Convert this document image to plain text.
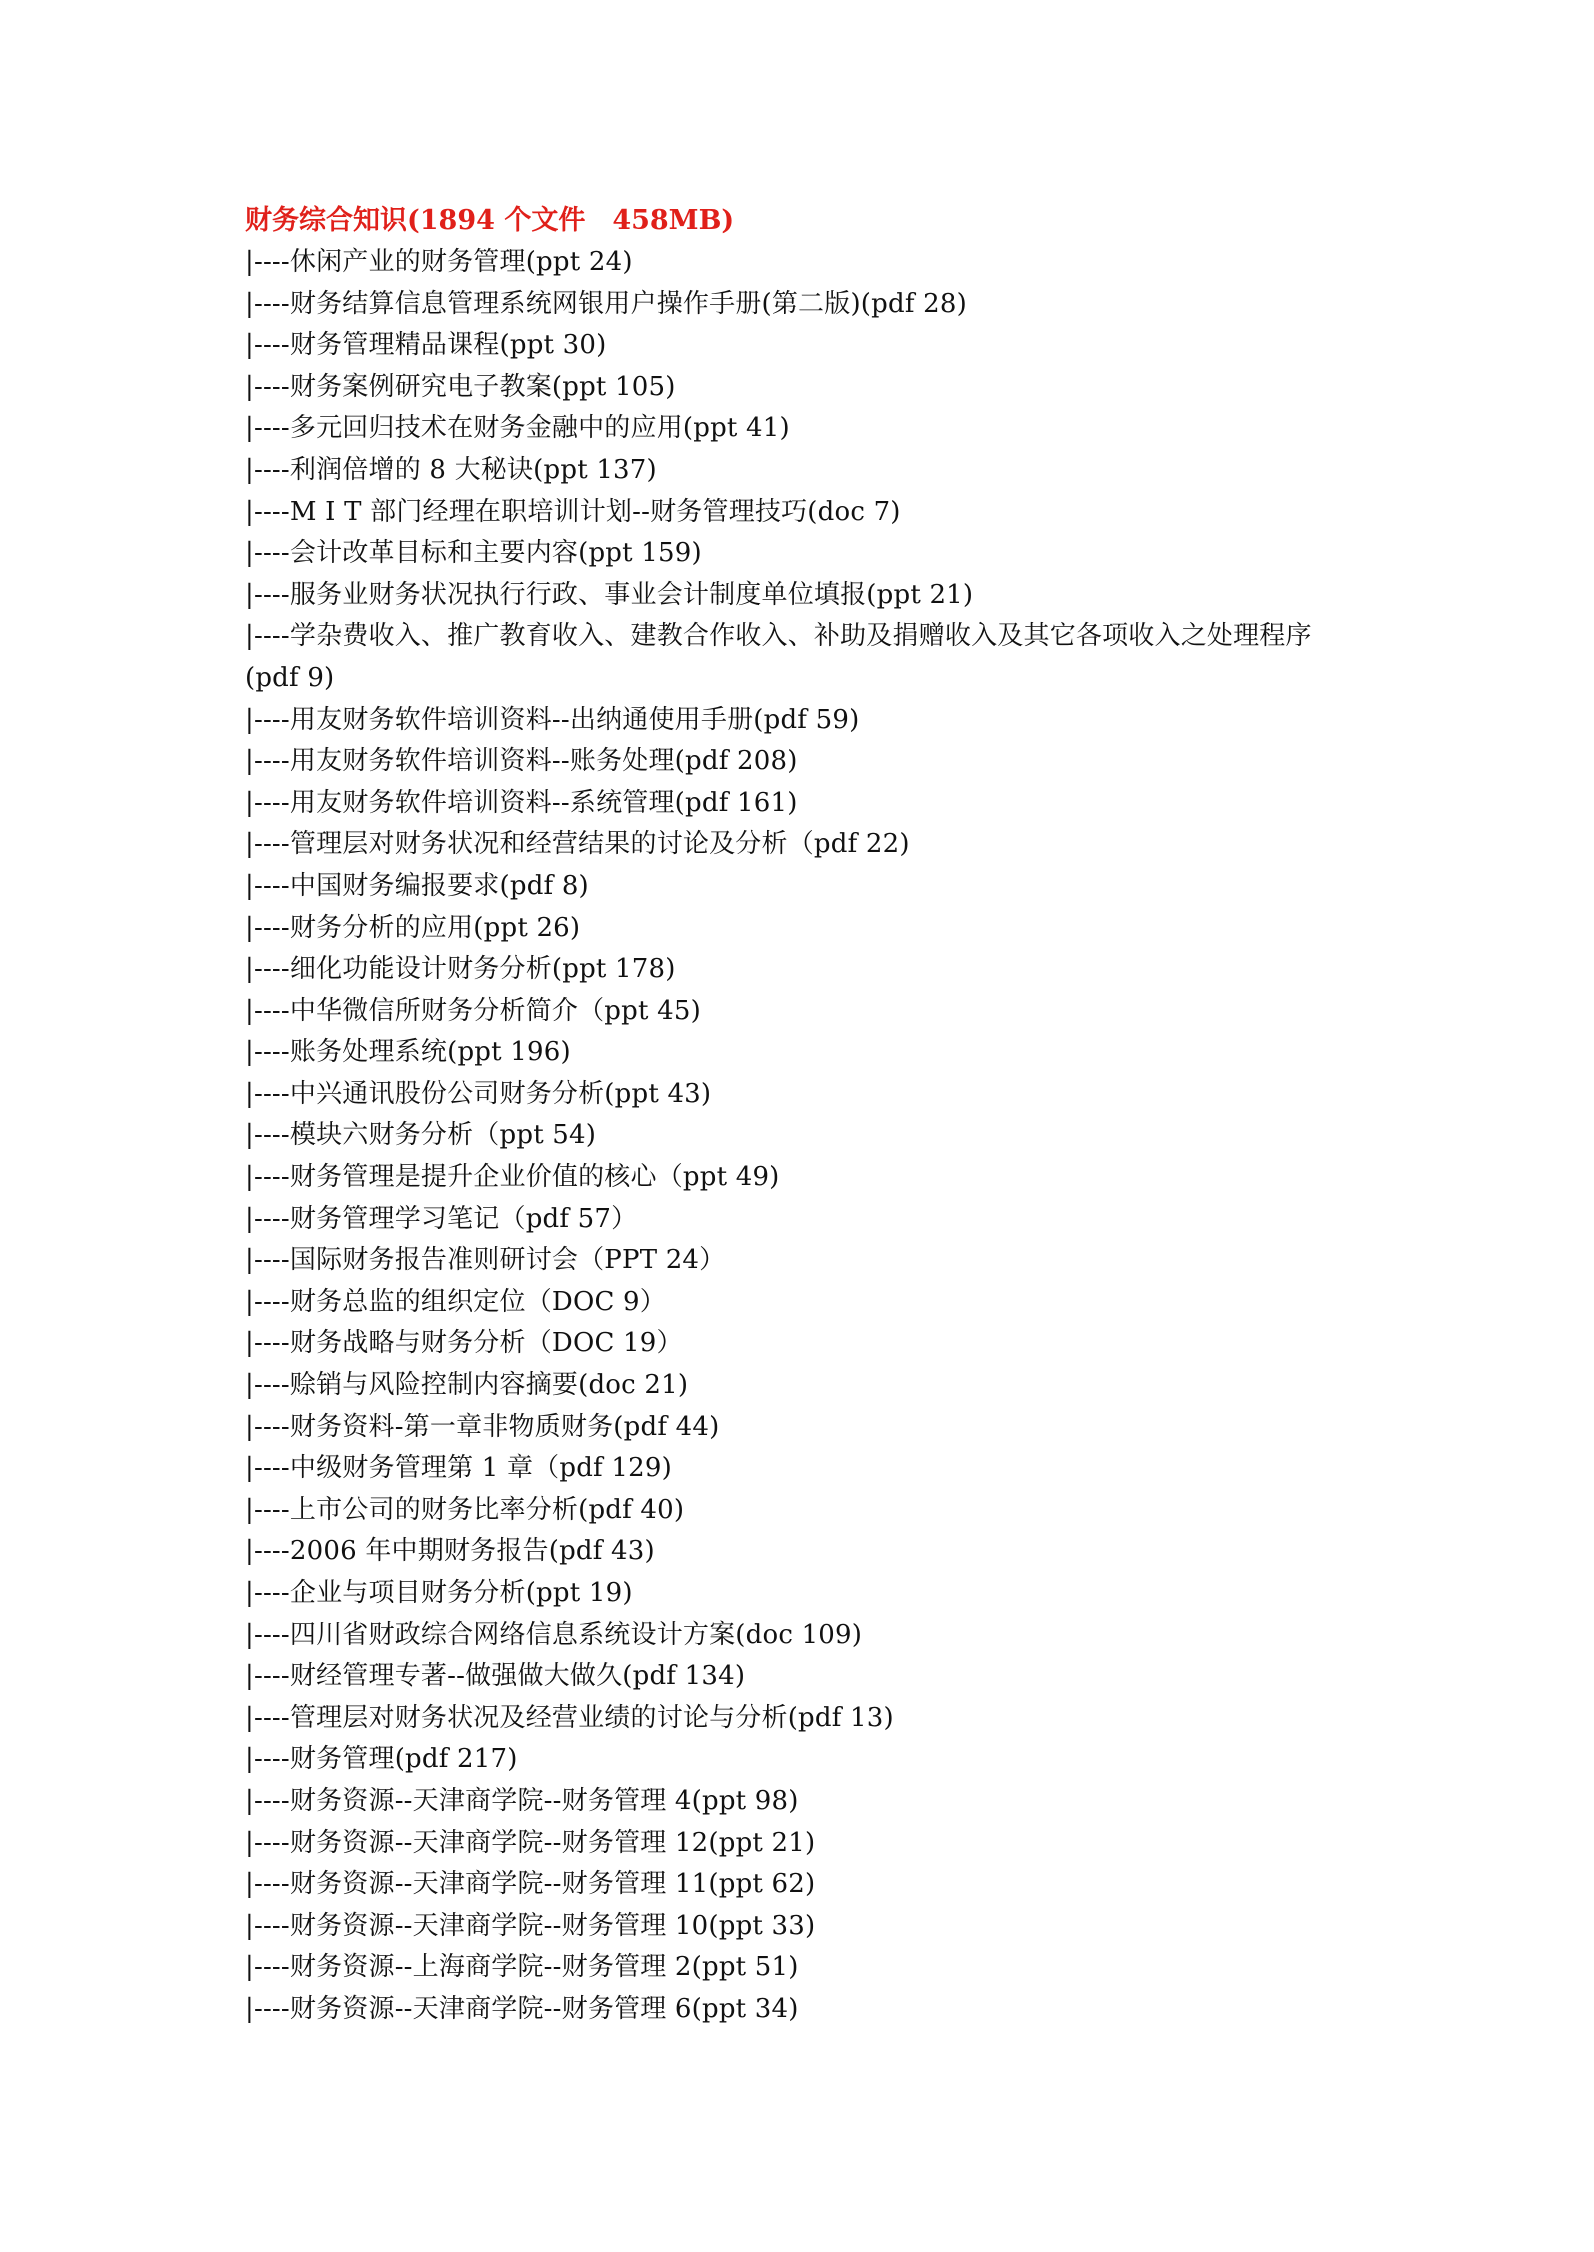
财务综合知识(1894 个文件　458MB)

|----休闲产业的财务管理(ppt 24)
|----财务结算信息管理系统网银用户操作手册(第二版)(pdf 28)
|----财务管理精品课程(ppt 30)
|----财务案例研究电子教案(ppt 105)
|----多元回归技术在财务金融中的应用(ppt 41)
|----利润倍增的 8 大秘诀(ppt 137)
|----M I T 部门经理在职培训计划--财务管理技巧(doc 7)
|----会计改革目标和主要内容(ppt 159)
|----服务业财务状况执行行政、事业会计制度单位填报(ppt 21)
|----学杂费收入、推广教育收入、建教合作收入、补助及捐赠收入及其它各项收入之处理程序(pdf 9)
|----用友财务软件培训资料--出纳通使用手册(pdf 59)
|----用友财务软件培训资料--账务处理(pdf 208)
|----用友财务软件培训资料--系统管理(pdf 161)
|----管理层对财务状况和经营结果的讨论及分析（pdf 22)
|----中国财务编报要求(pdf 8)
|----财务分析的应用(ppt 26)
|----细化功能设计财务分析(ppt 178)
|----中华微信所财务分析简介（ppt 45)
|----账务处理系统(ppt 196)
|----中兴通讯股份公司财务分析(ppt 43)
|----模块六财务分析（ppt 54)
|----财务管理是提升企业价值的核心（ppt 49)
|----财务管理学习笔记（pdf 57）
|----国际财务报告准则研讨会（PPT 24）
|----财务总监的组织定位（DOC 9）
|----财务战略与财务分析（DOC 19）
|----赊销与风险控制内容摘要(doc 21)
|----财务资料-第一章非物质财务(pdf 44)
|----中级财务管理第 1 章（pdf 129)
|----上市公司的财务比率分析(pdf 40)
|----2006 年中期财务报告(pdf 43)
|----企业与项目财务分析(ppt 19)
|----四川省财政综合网络信息系统设计方案(doc 109)
|----财经管理专著--做强做大做久(pdf 134)
|----管理层对财务状况及经营业绩的讨论与分析(pdf 13)
|----财务管理(pdf 217)
|----财务资源--天津商学院--财务管理 4(ppt 98)
|----财务资源--天津商学院--财务管理 12(ppt 21)
|----财务资源--天津商学院--财务管理 11(ppt 62)
|----财务资源--天津商学院--财务管理 10(ppt 33)
|----财务资源--上海商学院--财务管理 2(ppt 51)
|----财务资源--天津商学院--财务管理 6(ppt 34)
